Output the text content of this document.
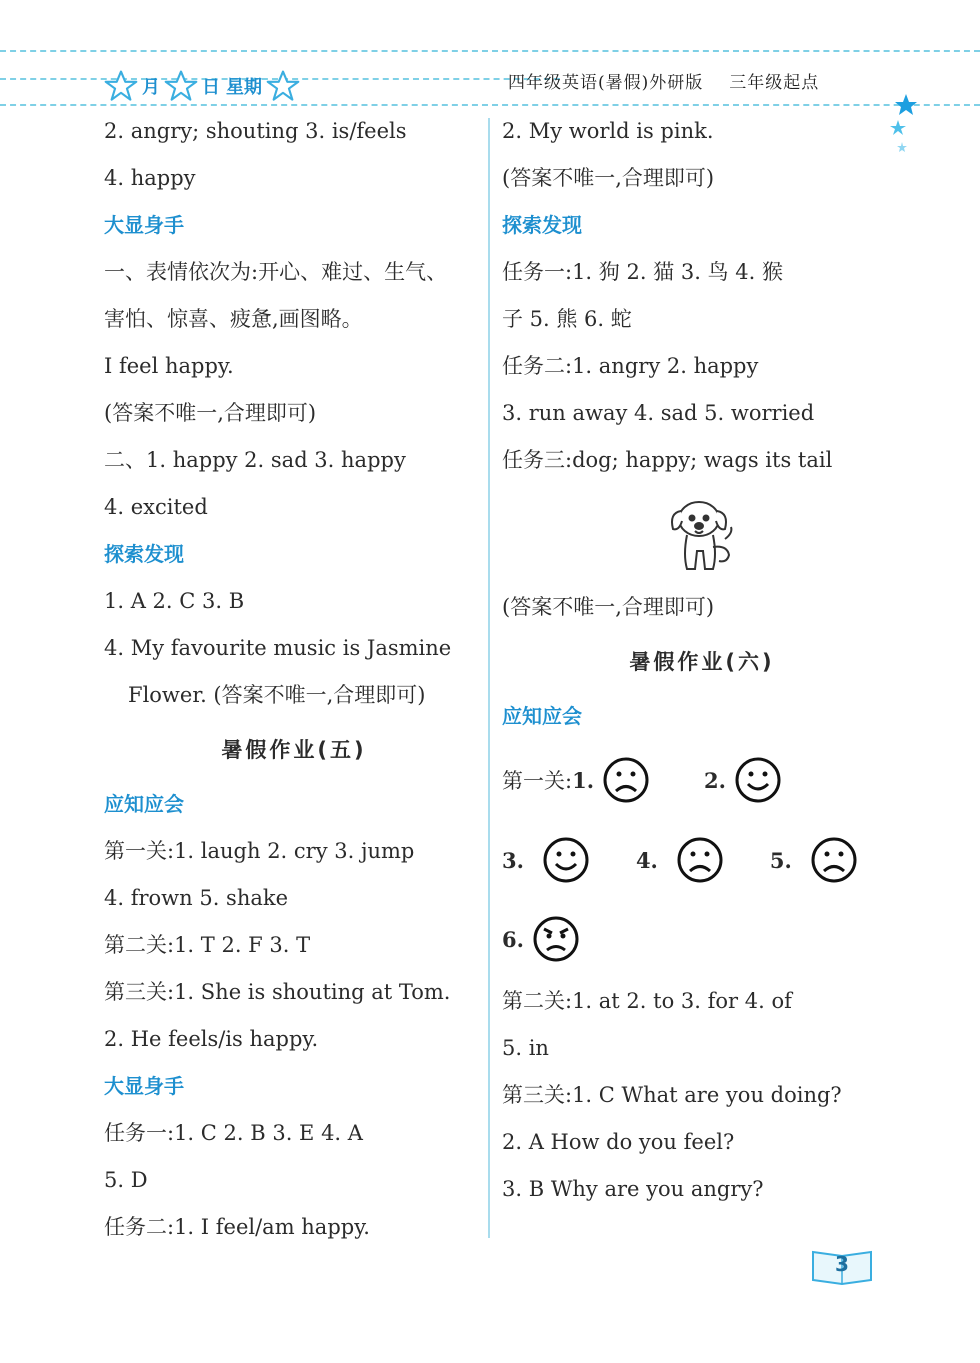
月 日 星期	四年级英语(暑假)外研版 三年级起点
2. angry; shouting 3. is/feels
4. happy
大显身手
一、表情依次为:开心、难过、生气、
害怕、惊喜、疲惫,画图略。
I feel happy.
(答案不唯一,合理即可)
二、1. happy 2. sad 3. happy
4. excited
探索发现
1. A 2. C 3. B
4. My favourite music is Jasmine
Flower. (答案不唯一,合理即可)
暑假作业(五)
应知应会
第一关:1. laugh 2. cry 3. jump
4. frown 5. shake
第二关:1. T 2. F 3. T
第三关:1. She is shouting at Tom.
2. He feels/is happy.
大显身手
任务一:1. C 2. B 3. E 4. A
5. D
任务二:1. I feel/am happy.
2. My world is pink.
(答案不唯一,合理即可)
探索发现
任务一:1. 狗 2. 猫 3. 鸟 4. 猴
子 5. 熊 6. 蛇
任务二:1. angry 2. happy
3. run away 4. sad 5. worried
任务三:dog; happy; wags its tail
(答案不唯一,合理即可)
暑假作业(六)
应知应会
第一关: 1.	2.
3.	4.	5.
6.
第二关:1. at 2. to 3. for 4. of
5. in
第三关:1. C What are you doing?
2. A How do you feel?
3. B Why are you angry?
3
